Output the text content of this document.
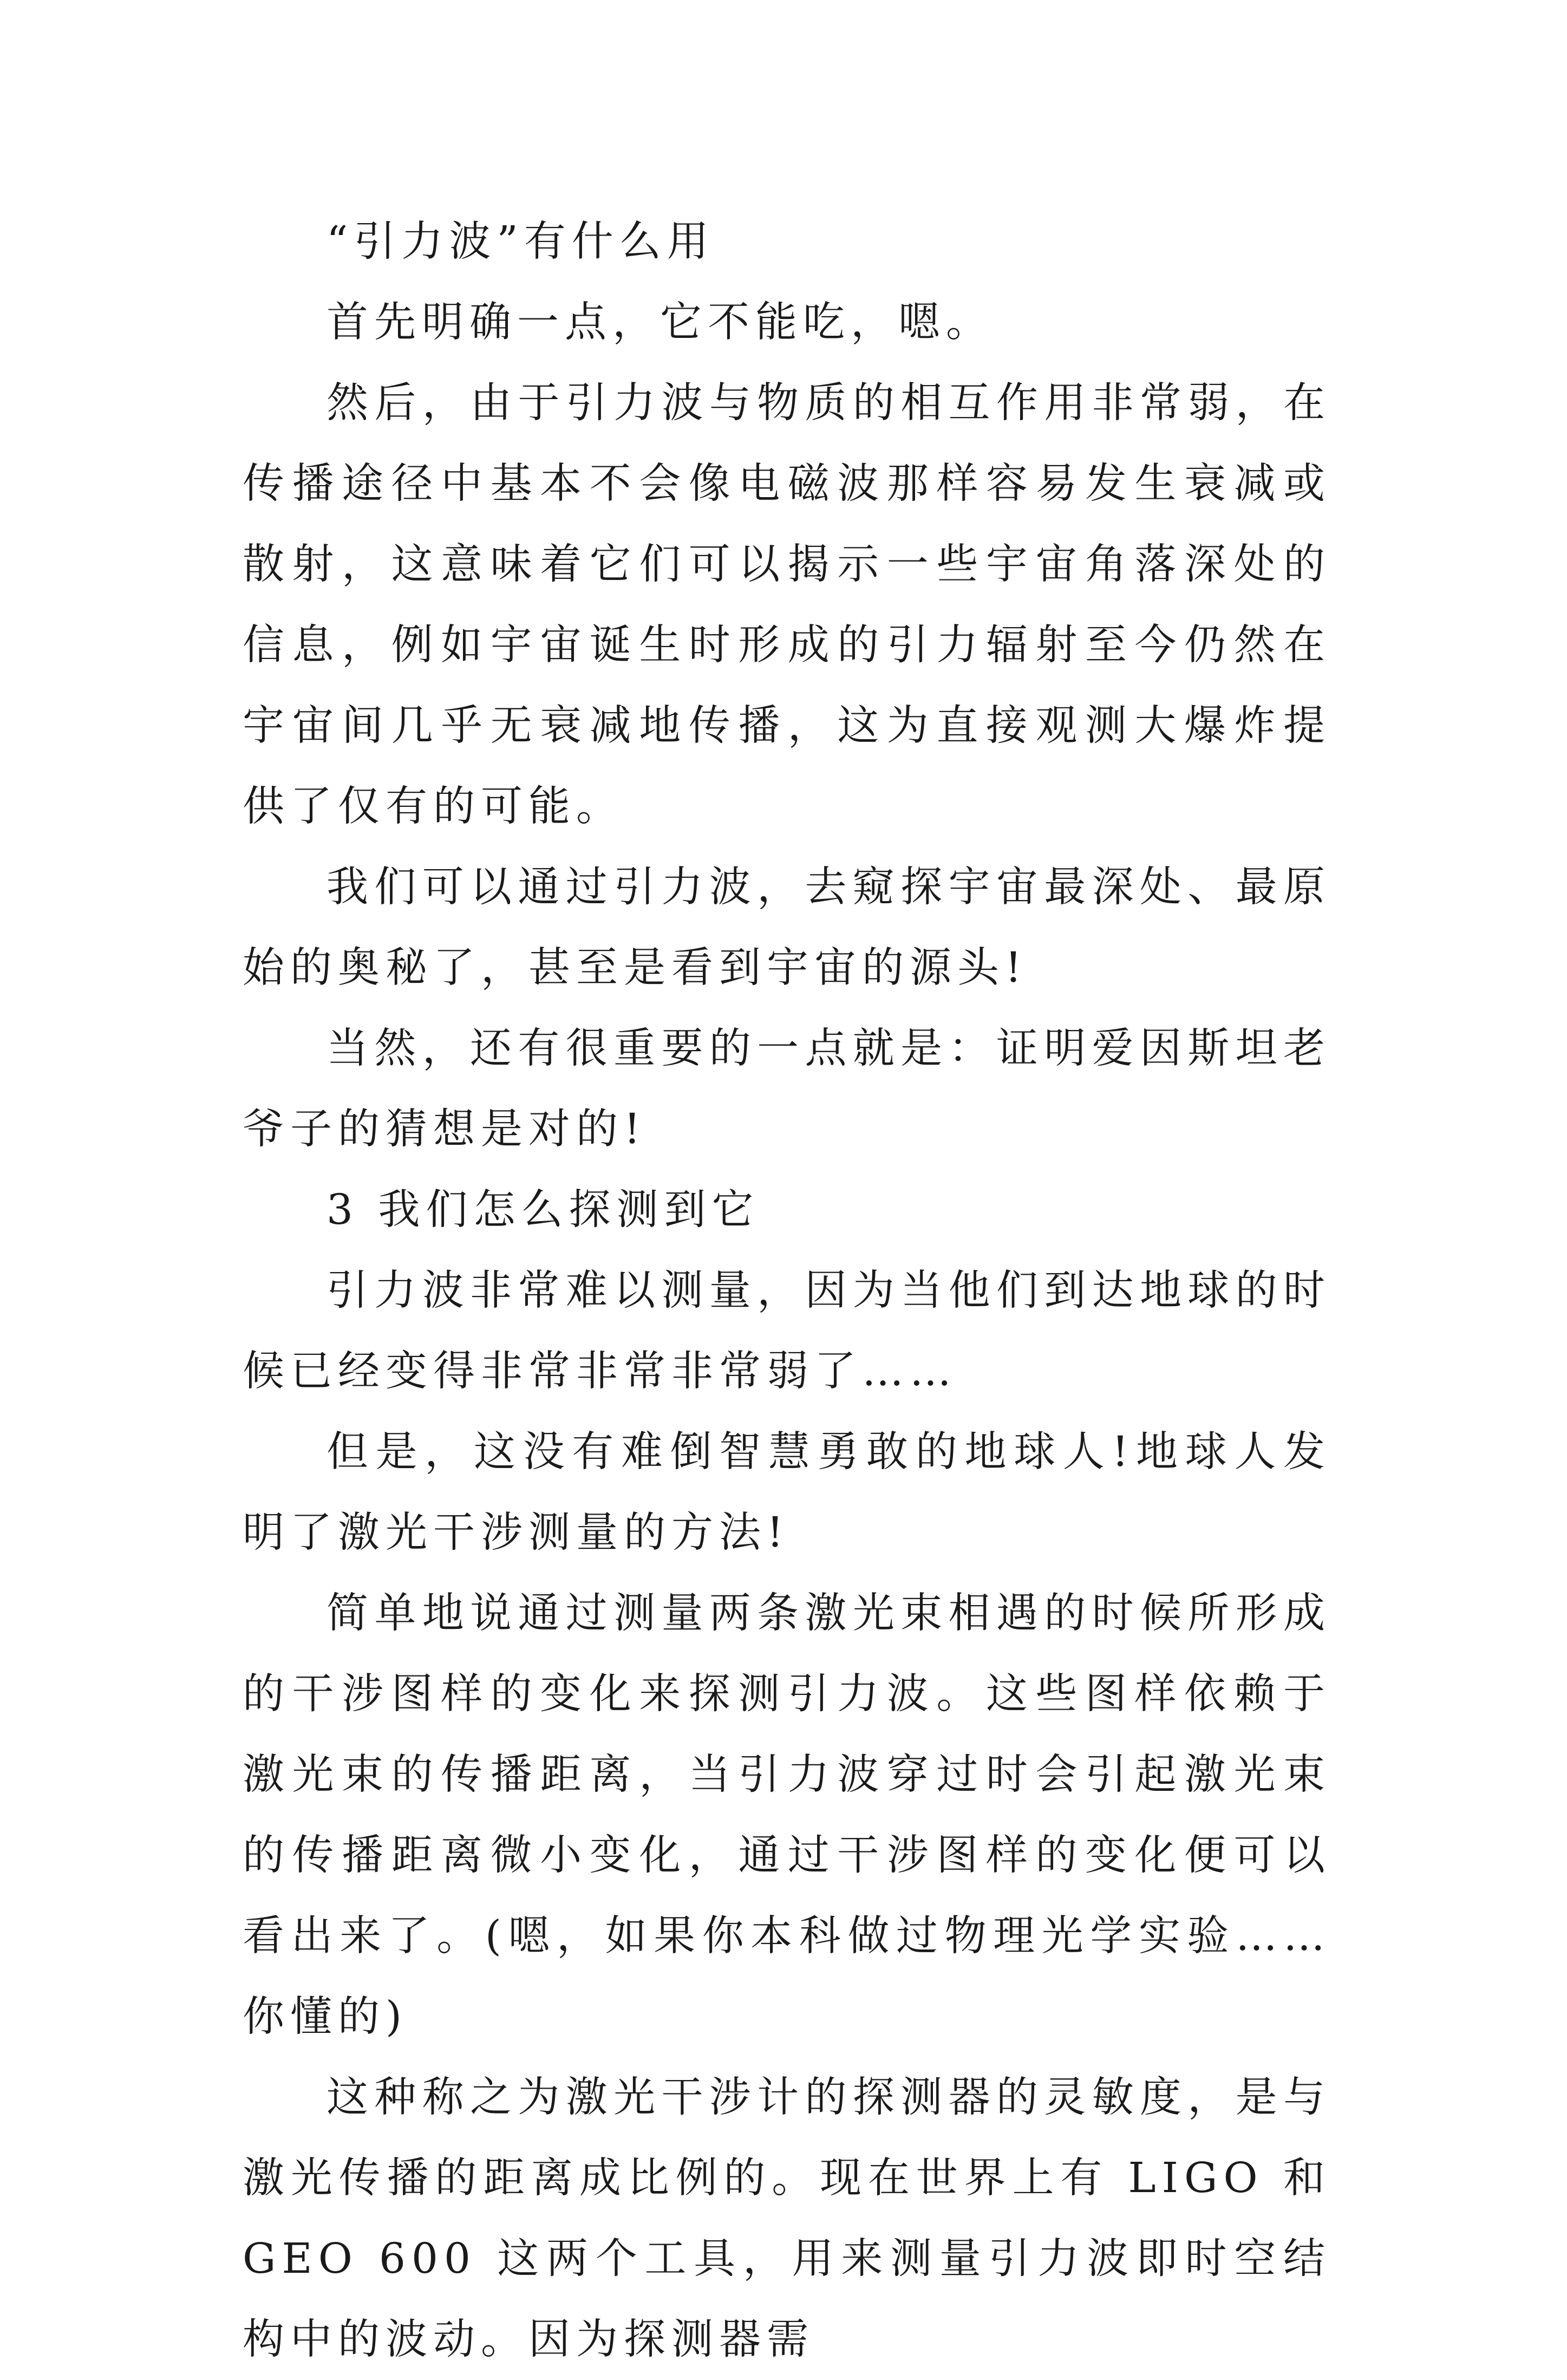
“引力波”有什么用

首先明确一点，它不能吃，嗯。

然后，由于引力波与物质的相互作用非常弱，在传播途径中基本不会像电磁波那样容易发生衰减或散射，这意味着它们可以揭示一些宇宙角落深处的信息，例如宇宙诞生时形成的引力辐射至今仍然在宇宙间几乎无衰减地传播，这为直接观测大爆炸提供了仅有的可能。

我们可以通过引力波，去窥探宇宙最深处、最原始的奥秘了，甚至是看到宇宙的源头!

当然，还有很重要的一点就是：证明爱因斯坦老爷子的猜想是对的!

3 我们怎么探测到它

引力波非常难以测量，因为当他们到达地球的时候已经变得非常非常非常弱了……

但是，这没有难倒智慧勇敢的地球人!地球人发明了激光干涉测量的方法!

简单地说通过测量两条激光束相遇的时候所形成的干涉图样的变化来探测引力波。这些图样依赖于激光束的传播距离，当引力波穿过时会引起激光束的传播距离微小变化，通过干涉图样的变化便可以看出来了。(嗯，如果你本科做过物理光学实验……你懂的)

这种称之为激光干涉计的探测器的灵敏度，是与激光传播的距离成比例的。现在世界上有 LIGO 和 GEO 600 这两个工具，用来测量引力波即时空结构中的波动。因为探测器需
